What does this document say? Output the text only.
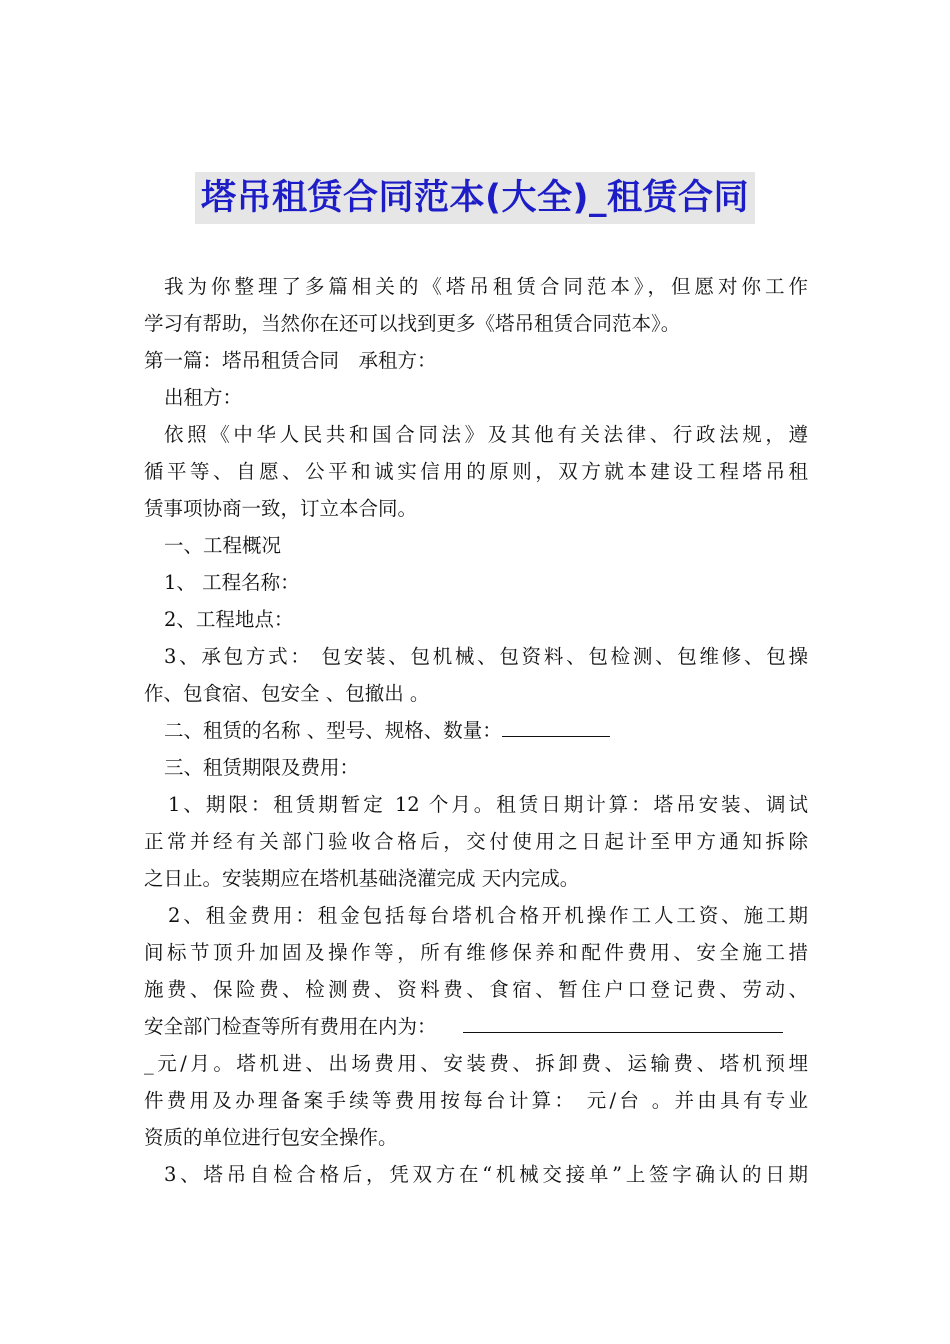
塔吊租赁合同范本(大全)_租赁合同
我为你整理了多篇相关的《塔吊租赁合同范本》，但愿对你工作
学习有帮助，当然你在还可以找到更多《塔吊租赁合同范本》。
第一篇：塔吊租赁合同　承租方：
出租方：
依照《中华人民共和国合同法》及其他有关法律、行政法规，遵
循平等、自愿、公平和诚实信用的原则，双方就本建设工程塔吊租
赁事项协商一致，订立本合同。
一、工程概况
1、 工程名称：
2、工程地点：
3、承包方式： 包安装、包机械、包资料、包检测、包维修、包操
作、包食宿、包安全 、包撤出 。
二、租赁的名称 、型号、规格、数量：
三、租赁期限及费用：
1、期限：租赁期暂定 12 个月。租赁日期计算：塔吊安装、调试
正常并经有关部门验收合格后，交付使用之日起计至甲方通知拆除
之日止。安装期应在塔机基础浇灌完成 天内完成。
2、租金费用：租金包括每台塔机合格开机操作工人工资、施工期
间标节顶升加固及操作等，所有维修保养和配件费用、安全施工措
施费、保险费、检测费、资料费、食宿、暂住户口登记费、劳动、
安全部门检查等所有费用在内为：
_元/月。塔机进、出场费用、安装费、拆卸费、运输费、塔机预埋
件费用及办理备案手续等费用按每台计算： 元/台 。并由具有专业
资质的单位进行包安全操作。
3、塔吊自检合格后，凭双方在“机械交接单”上签字确认的日期
